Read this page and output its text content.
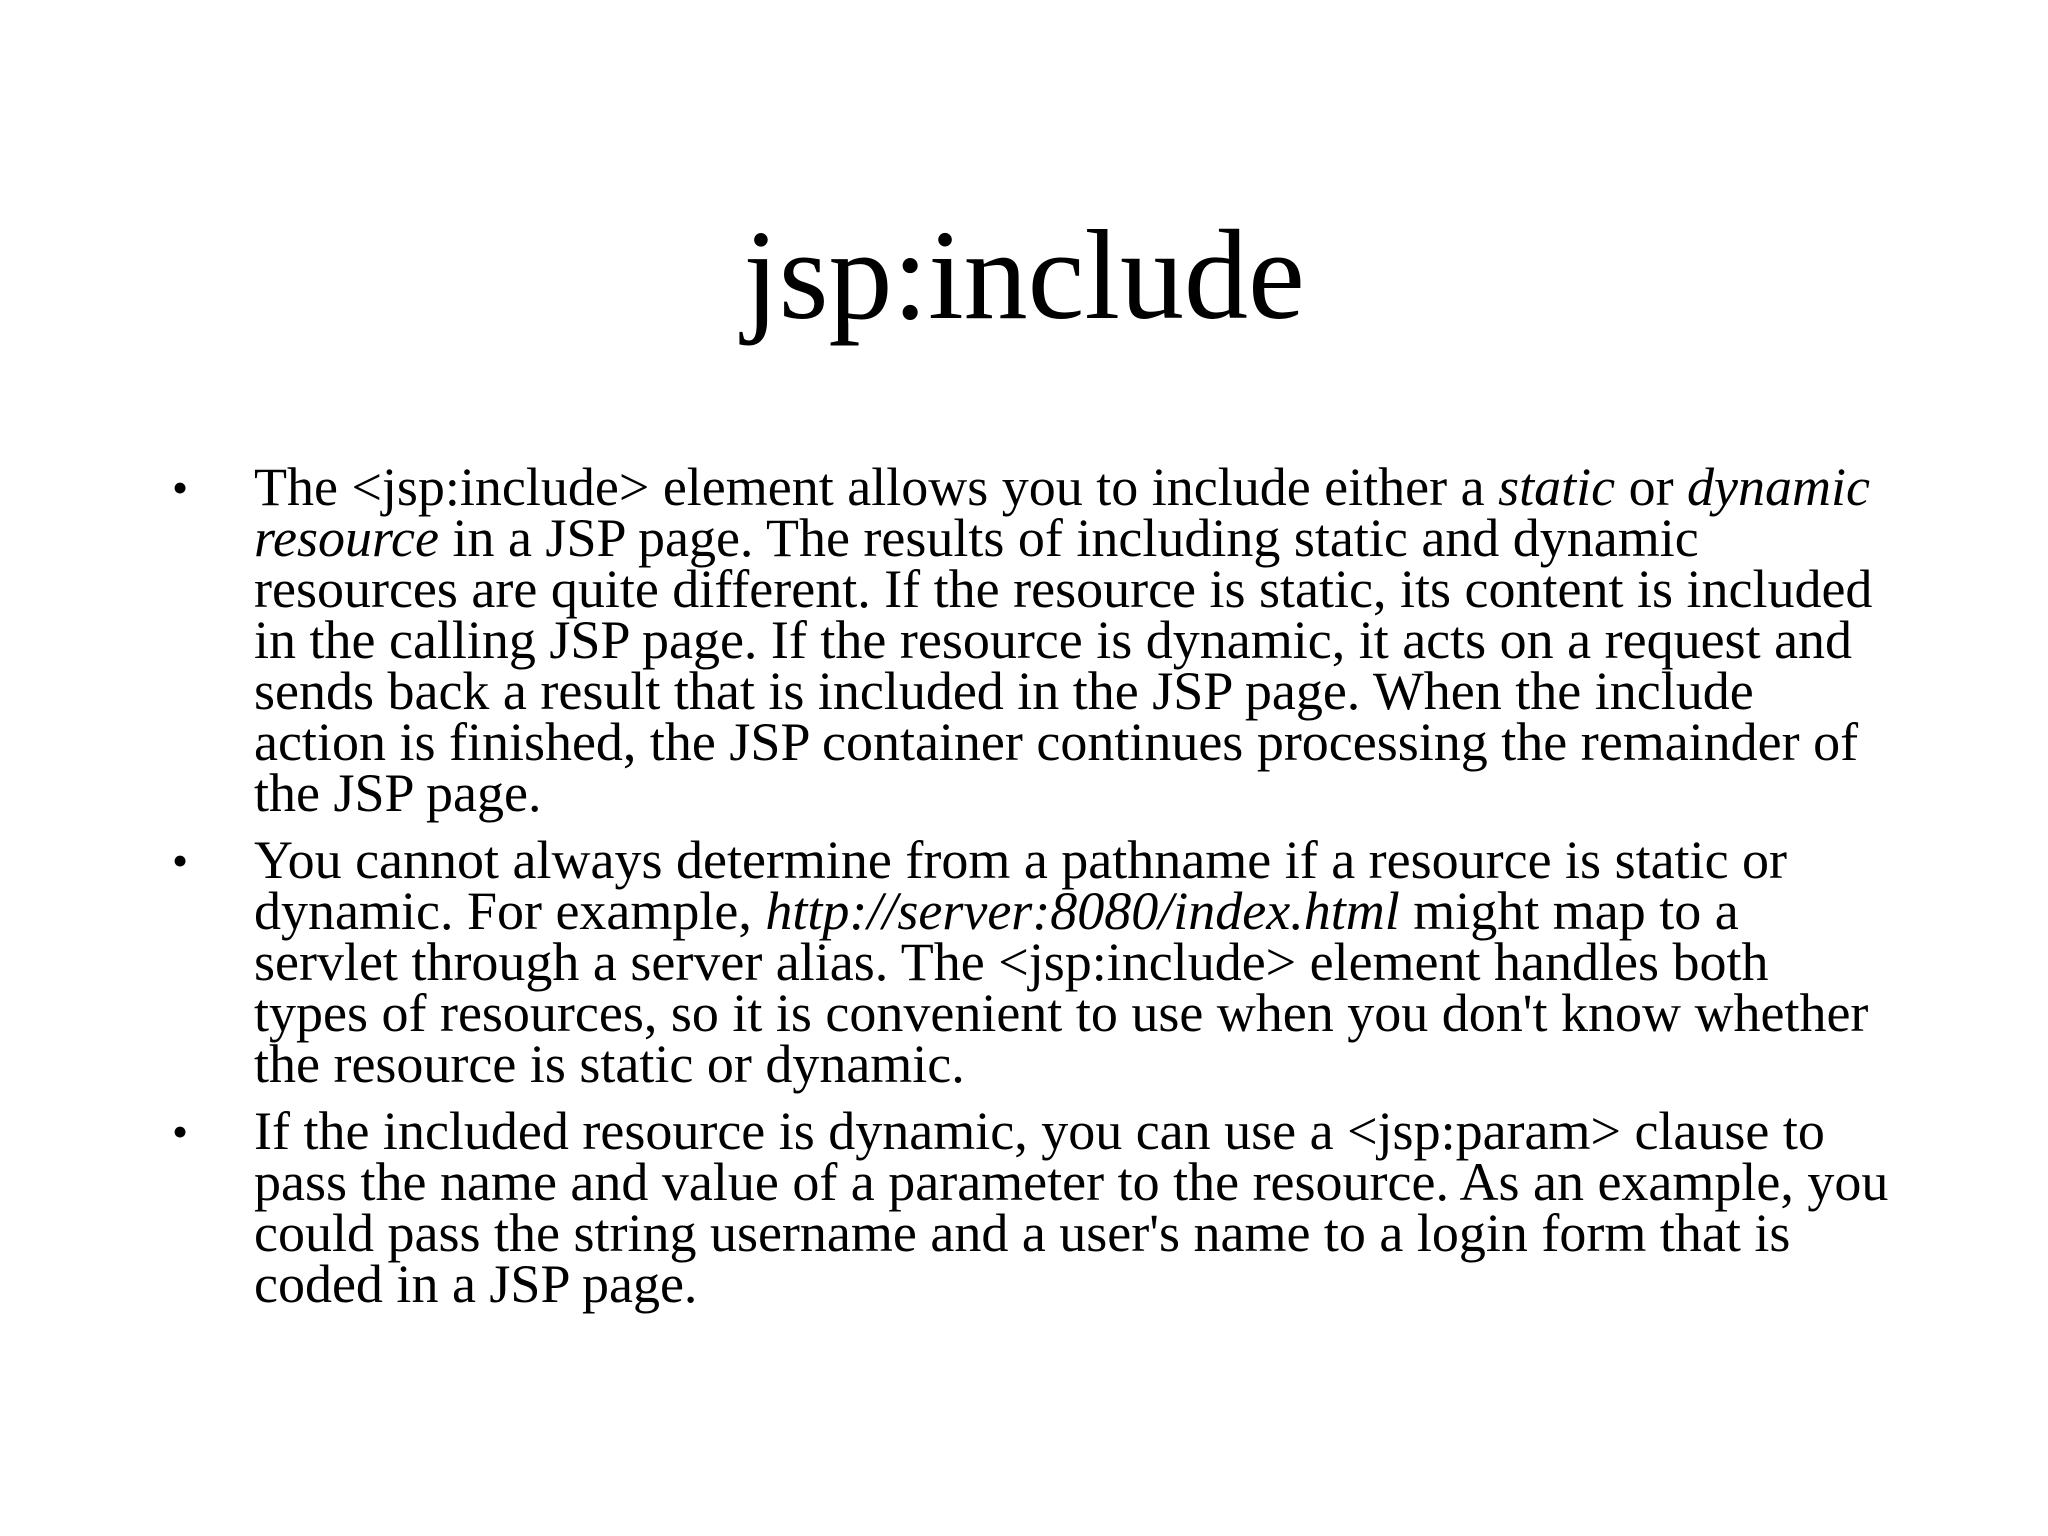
jsp:include
• The <jsp:include> element allows you to include either a static or dynamic resource in a JSP page. The results of including static and dynamic resources are quite different. If the resource is static, its content is included in the calling JSP page. If the resource is dynamic, it acts on a request and sends back a result that is included in the JSP page. When the include action is finished, the JSP container continues processing the remainder of the JSP page.
• You cannot always determine from a pathname if a resource is static or dynamic. For example, http://server:8080/index.html might map to a servlet through a server alias. The <jsp:include> element handles both types of resources, so it is convenient to use when you don't know whether the resource is static or dynamic.
• If the included resource is dynamic, you can use a <jsp:param> clause to pass the name and value of a parameter to the resource. As an example, you could pass the string username and a user's name to a login form that is coded in a JSP page.
